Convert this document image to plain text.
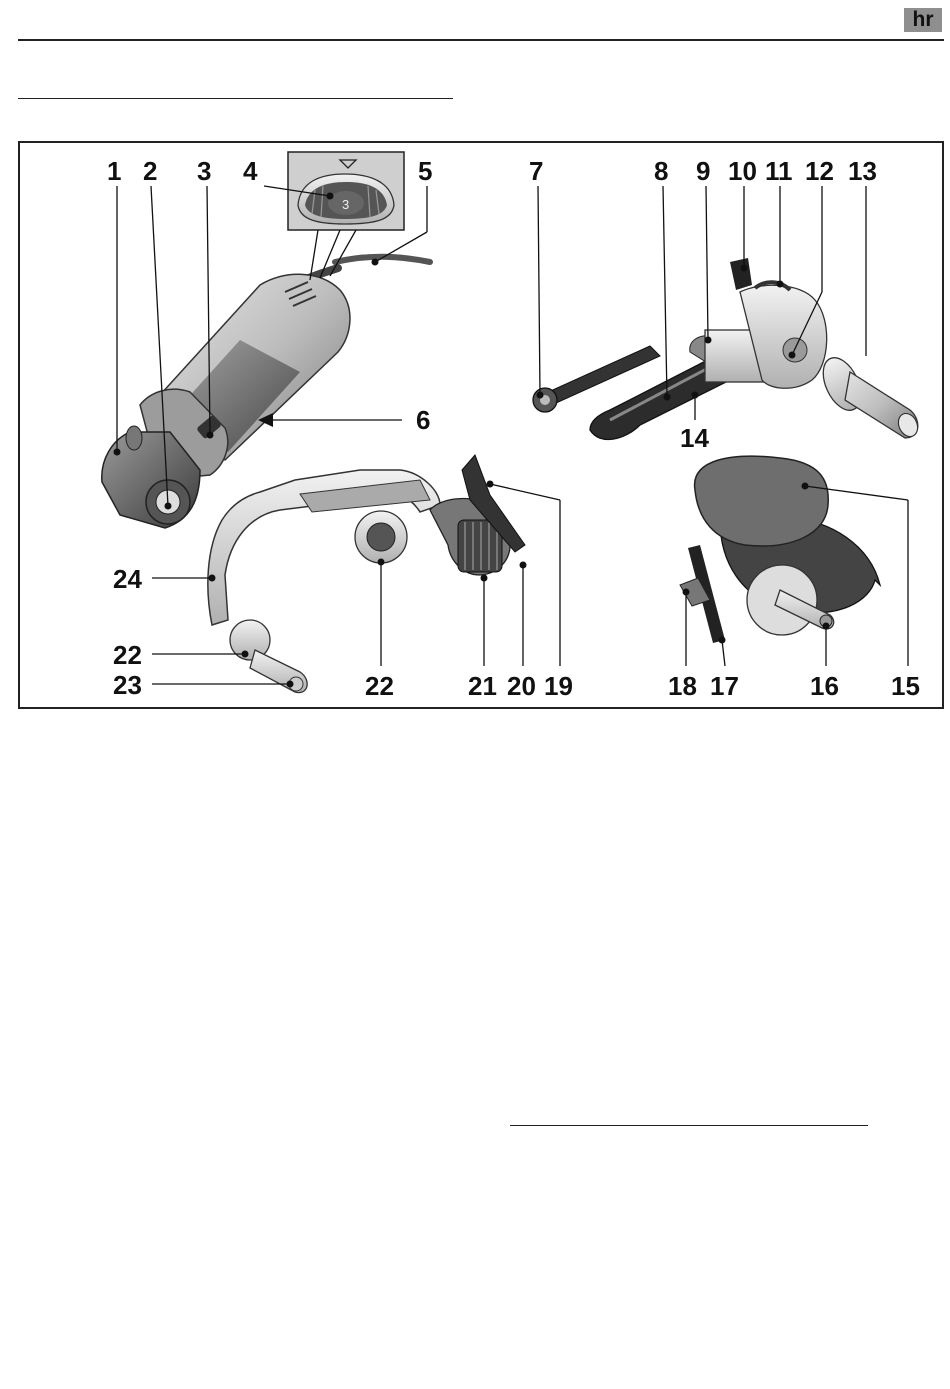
hr
3
1 2 3 4	5
6
7	8 9 10 11 12 13
14
15
16
17
18
19
20
21
22
22
23
24
